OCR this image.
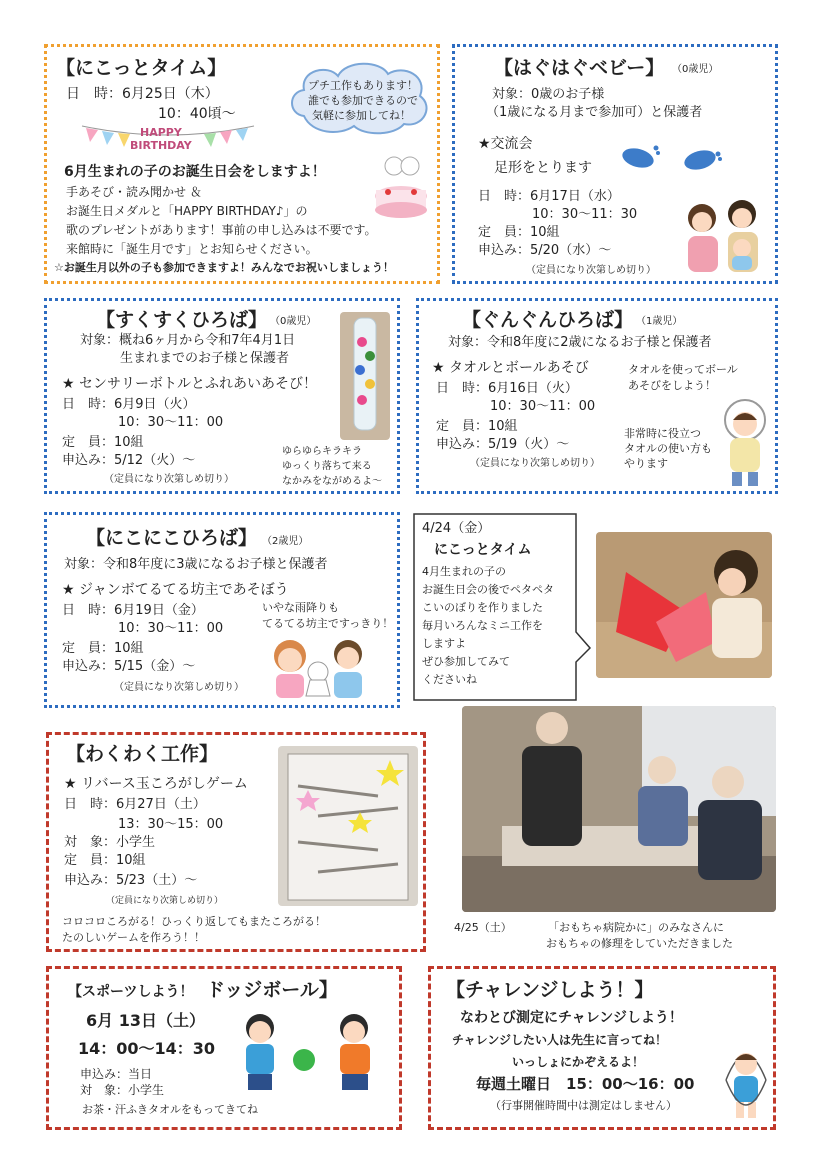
【にこっとタイム】
日　時：6月25日（木）
10：40頃～
プチ工作もあります！
誰でも参加できるので
気軽に参加してね！
HAPPY
BIRTHDAY
6月生まれの子のお誕生日会をしますよ！
手あそび・読み聞かせ ＆
お誕生日メダルと「HAPPY BIRTHDAY♪」の
歌のプレゼントがあります！事前の申し込みは不要です。
来館時に「誕生月です」とお知らせください。
☆お誕生月以外の子も参加できますよ！みんなでお祝いしましょう！
【はぐはぐベビー】 （0歳児）
対象：0歳のお子様
（1歳になる月まで参加可）と保護者
★交流会
足形をとります
日　時：6月17日（水）
10：30～11：30
定　員：10組
申込み：5/20（水）～
（定員になり次第しめ切り）
【すくすくひろば】 （0歳児）
対象：概ね6ヶ月から令和7年4月1日
生まれまでのお子様と保護者
★ センサリーボトルとふれあいあそび！
日　時：6月9日（火）
10：30～11：00
定　員：10組
申込み：5/12（火）～
（定員になり次第しめ切り）
ゆらゆらキラキラ
ゆっくり落ちて来る
なかみをながめるよ～
【ぐんぐんひろば】 （1歳児）
対象：令和8年度に2歳になるお子様と保護者
★ タオルとボールあそび
日　時：6月16日（火）
10：30～11：00
定　員：10組
申込み：5/19（火）～
（定員になり次第しめ切り）
タオルを使ってボール
あそびをしよう！
非常時に役立つ
タオルの使い方も
やります
【にこにこひろば】 （2歳児）
対象：令和8年度に3歳になるお子様と保護者
★ ジャンボてるてる坊主であそぼう
日　時：6月19日（金）
10：30～11：00
定　員：10組
申込み：5/15（金）～
（定員になり次第しめ切り）
いやな雨降りも
てるてる坊主ですっきり！
4/24（金）
にこっとタイム
4月生まれの子の
お誕生日会の後でペタペタ
こいのぼりを作りました
毎月いろんなミニ工作を
しますよ
ぜひ参加してみて
くださいね
【わくわく工作】
★ リバース玉ころがしゲーム
日　時：6月27日（土）
13：30～15：00
対　象：小学生
定　員：10組
申込み：5/23（土）～
（定員になり次第しめ切り）
コロコロころがる！ひっくり返してもまたころがる！
たのしいゲームを作ろう！！
4/25（土）	「おもちゃ病院かに」のみなさんに
おもちゃの修理をしていただきました
【スポーツしよう！ ドッジボール】
6月 13日（土）
14：00～14：30
申込み：当日
対　象：小学生
お茶・汗ふきタオルをもってきてね
【チャレンジしよう！】
なわとび測定にチャレンジしよう！
チャレンジしたい人は先生に言ってね！
いっしょにかぞえるよ！
毎週土曜日　15：00～16：00
（行事開催時間中は測定はしません）
